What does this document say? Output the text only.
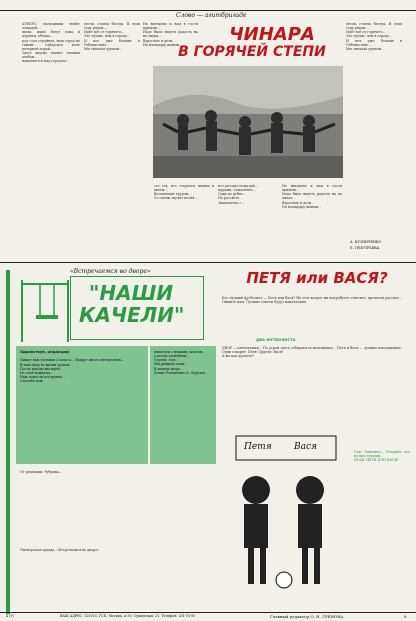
Слово — агитбригаде
АТЕБУС, мальчишки любят лошадей…
пыли, мимо бегут дома и деревья, облака…
род стал стройнее, наш город не самый… Сабарское поле вечерней порой…
Здесь вкусно пахнет свежим хлебом…
накаляются над городом…
лесов, стояла беседа. В этом году рядом…
Идёт всё от горячего…
Это лучше, чем в городе…
И нет уже больше в Узбекистане…
Мы сначала думали…
Но внезапно к нам в гости пришли…
Надо было видеть радость на их лицах…
Взрослые и дети…
На площадку вышли…	ЧИНАРА
В ГОРЯЧЕЙ СТЕПИ
сте тех, кто старался, шапки и цветы…
Воспитание трудом…
Со сцены звучит песня…
все рассказ пожалуй…
мурами, сожалённо…
Одна из ребят…
На рассвете…
Знакомство с…
лесов, стояла беседа. В этом году рядом…
Идёт всё от горячего…
Это лучше, чем в городе…
И нет уже больше в Узбекистане…
Мы сначала думали…
Но внезапно к нам в гости пришли…
Надо было видеть радость на их лицах…
Взрослые и дети…
На площадку вышли…
А. КУЗНИЧЕНКО
Е. ГРИГОРЬЕВА
«Встречаемся во дворе»
"НАШИ
КАЧЕЛИ"
Здравствуй, редакция!
Пишут вам ученики 3 класса… Вокруг много интересных…
В наш двор во время уроков…
После школы мы идём…
Из этой комнаты…
Нам помогли построить…
Спасибо вам!
мешочек с вещами: качели…
а потом полюбили…
Сергей, Оля…
Мы решили сами…
В нашем дворе…
Денис Романенко (г. Курган)…
От редакции: Рубрика…
Пионерская правда, «Встречаемся во дворе»
ПЕТЯ или ВАСЯ?
Кто лучший футболист — Петя или Вася? На этот вопрос вы попробуете ответить, прочитав рассказ…
Пишите нам. Лучшие ответы будут напечатаны.
ДВА ФУТБОЛИСТА
ДВОР — пятиэтажки… По утрам здесь собираются мальчишки… Петя и Вася — лучшие нападающие.
Одни говорят: Петя! Другие: Вася!
А вы как думаете?
Петя Вася	Стас Зенкевич… Угадайте кто из них лучший…
ИТАК: ПЕТЯ ИЛИ ВАСЯ?
4 (9)	ВАШ АДРЕС: 125015, ГСП, Москва, А-30, Сущевская, 21. Телефон: 251-15-00	Главный редактор О. Н. ГРЕНОВА.	8
